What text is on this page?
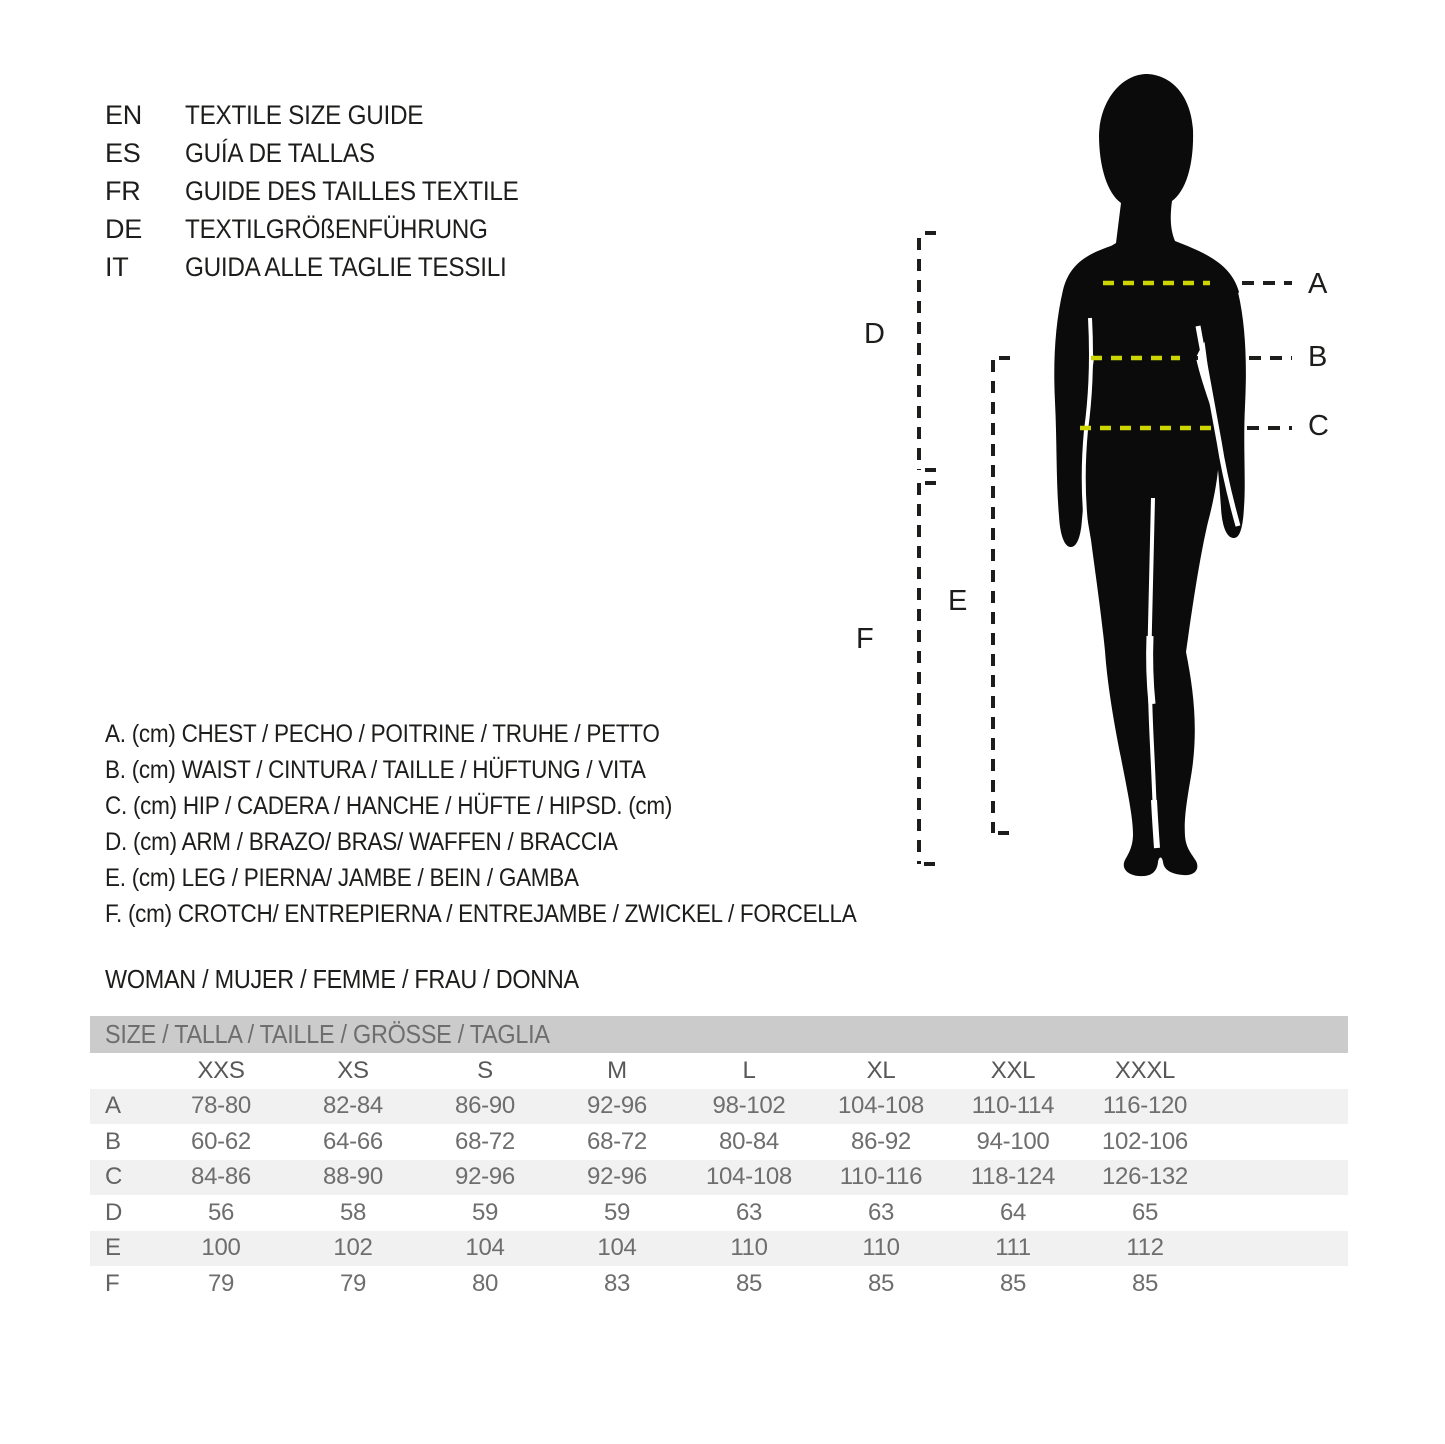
EN	TEXTILE SIZE GUIDE
ES	GUÍA DE TALLAS
FR	GUIDE DES TAILLES TEXTILE
DE	TEXTILGRÖßENFÜHRUNG
IT	GUIDA ALLE TAGLIE TESSILI
A. (cm) CHEST / PECHO / POITRINE / TRUHE / PETTO
B. (cm) WAIST / CINTURA / TAILLE / HÜFTUNG / VITA
C. (cm) HIP / CADERA / HANCHE / HÜFTE / HIPSD. (cm)
D. (cm) ARM / BRAZO/ BRAS/ WAFFEN / BRACCIA
E. (cm) LEG / PIERNA/ JAMBE / BEIN / GAMBA
F. (cm) CROTCH/ ENTREPIERNA / ENTREJAMBE / ZWICKEL / FORCELLA
WOMAN / MUJER / FEMME / FRAU / DONNA
A
B
C
D
E
F
SIZE / TALLA / TAILLE / GRÖSSE / TAGLIA
XXS	XS	S	M	L	XL	XXL	XXXL
A	78-80	82-84	86-90	92-96	98-102	104-108	110-114	116-120
B	60-62	64-66	68-72	68-72	80-84	86-92	94-100	102-106
C	84-86	88-90	92-96	92-96	104-108	110-116	118-124	126-132
D	56	58	59	59	63	63	64	65
E	100	102	104	104	110	110	111	112
F	79	79	80	83	85	85	85	85
